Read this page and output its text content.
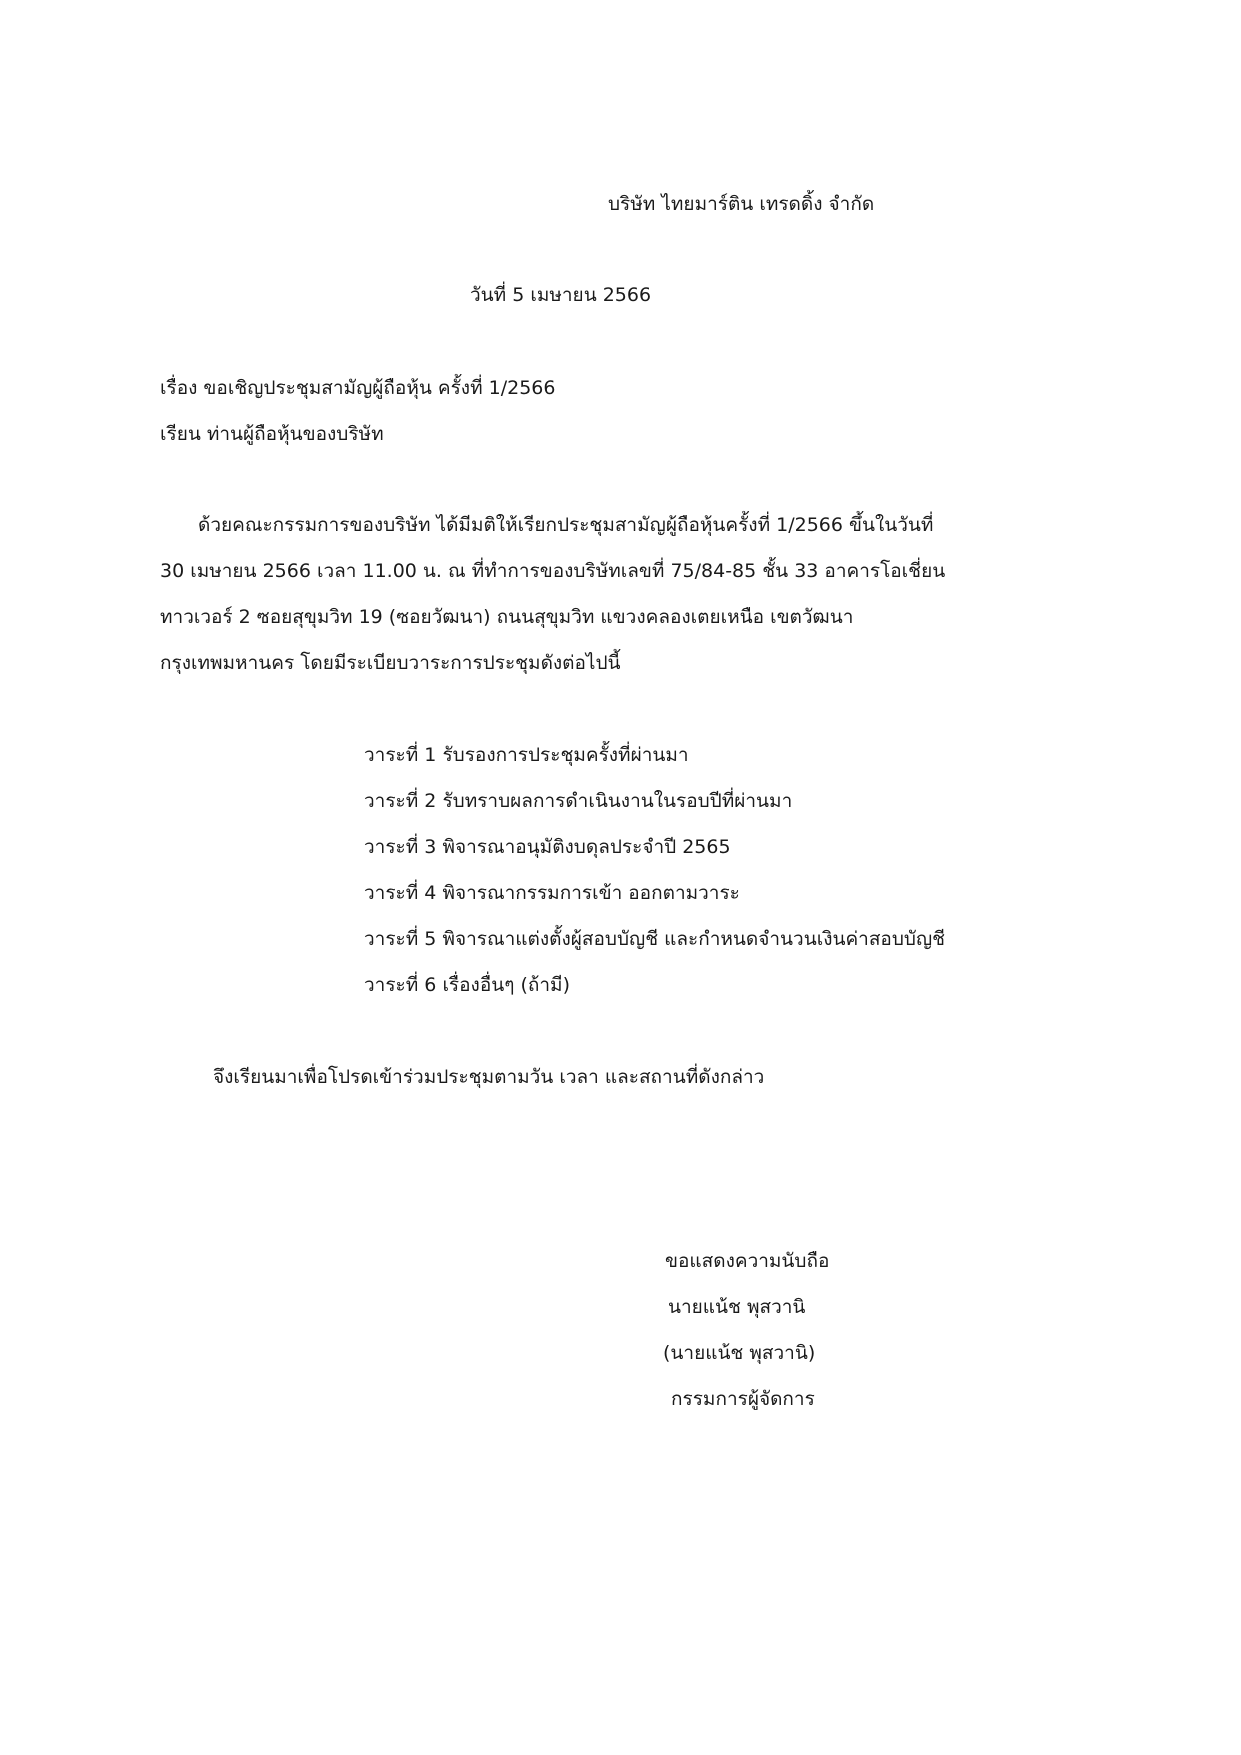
บริษัท ไทยมาร์ติน เทรดดิ้ง จำกัด
วันที่ 5 เมษายน 2566
เรื่อง ขอเชิญประชุมสามัญผู้ถือหุ้น ครั้งที่ 1/2566
เรียน ท่านผู้ถือหุ้นของบริษัท
ด้วยคณะกรรมการของบริษัท ได้มีมติให้เรียกประชุมสามัญผู้ถือหุ้นครั้งที่ 1/2566 ขึ้นในวันที่
30 เมษายน 2566 เวลา 11.00 น. ณ ที่ทำการของบริษัทเลขที่ 75/84-85 ชั้น 33 อาคารโอเชี่ยน
ทาวเวอร์ 2 ซอยสุขุมวิท 19 (ซอยวัฒนา) ถนนสุขุมวิท แขวงคลองเตยเหนือ เขตวัฒนา
กรุงเทพมหานคร โดยมีระเบียบวาระการประชุมดังต่อไปนี้
วาระที่ 1 รับรองการประชุมครั้งที่ผ่านมา
วาระที่ 2 รับทราบผลการดำเนินงานในรอบปีที่ผ่านมา
วาระที่ 3 พิจารณาอนุมัติงบดุลประจำปี 2565
วาระที่ 4 พิจารณากรรมการเข้า ออกตามวาระ
วาระที่ 5 พิจารณาแต่งตั้งผู้สอบบัญชี และกำหนดจำนวนเงินค่าสอบบัญชี
วาระที่ 6 เรื่องอื่นๆ (ถ้ามี)
จึงเรียนมาเพื่อโปรดเข้าร่วมประชุมตามวัน เวลา และสถานที่ดังกล่าว
ขอแสดงความนับถือ
นายแน้ช พุสวานิ
(นายแน้ช พุสวานิ)
กรรมการผู้จัดการ
